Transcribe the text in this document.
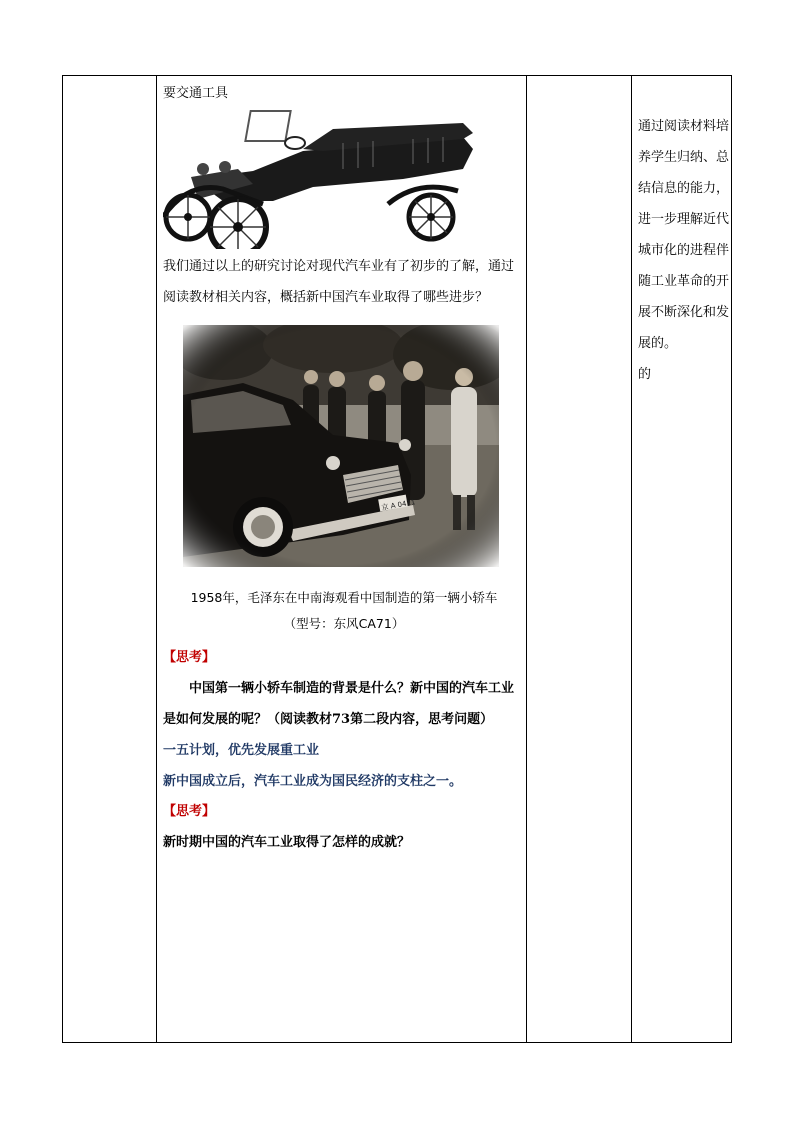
要交通工具
我们通过以上的研究讨论对现代汽车业有了初步的了解，通过阅读教材相关内容，概括新中国汽车业取得了哪些进步？
1958年，毛泽东在中南海观看中国制造的第一辆小轿车
（型号：东风CA71）
【思考】
中国第一辆小轿车制造的背景是什么？新中国的汽车工业是如何发展的呢？（阅读教材73第二段内容，思考问题）
一五计划，优先发展重工业
新中国成立后，汽车工业成为国民经济的支柱之一。
【思考】
新时期中国的汽车工业取得了怎样的成就？
通过阅读材料培养学生归纳、总结信息的能力，进一步理解近代城市化的进程伴随工业革命的开展不断深化和发展的。
的
